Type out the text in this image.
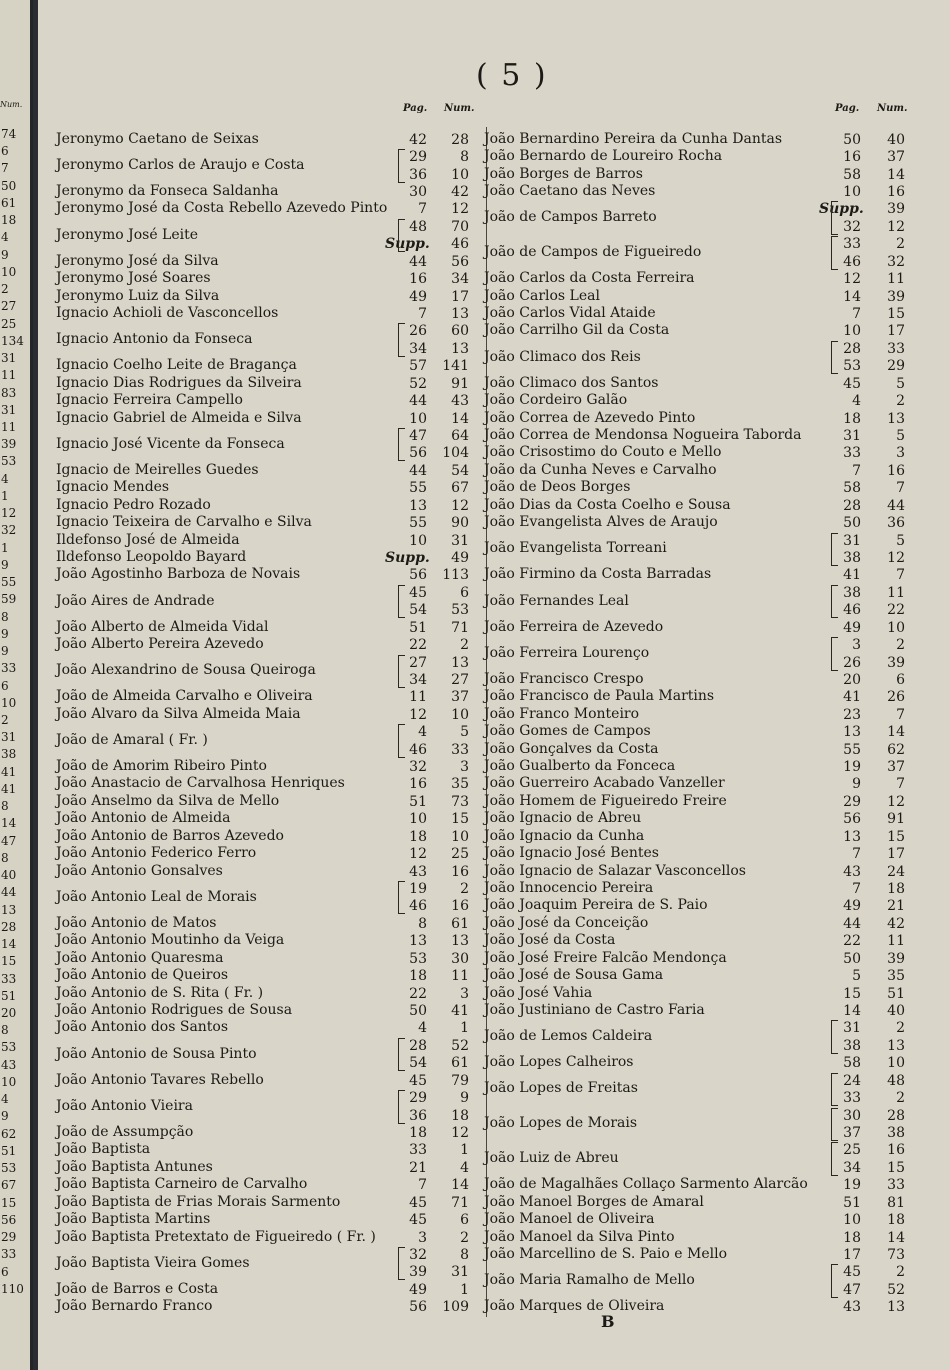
Num.
74
6
7
50
61
18
4
9
10
2
27
25
134
31
11
83
31
11
39
53
4
1
12
32
1
9
55
59
8
9
9
33
6
10
2
31
38
41
41
8
14
47
8
40
44
13
28
14
15
33
51
20
8
53
43
10
4
9
62
51
53
67
15
56
29
33
6
110
( 5 )
Pag. Num.	Pag. Num.
Jeronymo Caetano de Seixas	42	28
Jeronymo Carlos de Araujo e Costa	29	8
36	10
Jeronymo da Fonseca Saldanha	30	42
Jeronymo José da Costa Rebello Azevedo Pinto	7	12
Jeronymo José Leite	48	70
Supp.	46
Jeronymo José da Silva	44	56
Jeronymo José Soares	16	34
Jeronymo Luiz da Silva	49	17
Ignacio Achioli de Vasconcellos	7	13
Ignacio Antonio da Fonseca	26	60
34	13
Ignacio Coelho Leite de Bragança	57	141
Ignacio Dias Rodrigues da Silveira	52	91
Ignacio Ferreira Campello	44	43
Ignacio Gabriel de Almeida e Silva	10	14
Ignacio José Vicente da Fonseca	47	64
56	104
Ignacio de Meirelles Guedes	44	54
Ignacio Mendes	55	67
Ignacio Pedro Rozado	13	12
Ignacio Teixeira de Carvalho e Silva	55	90
Ildefonso José de Almeida	10	31
Ildefonso Leopoldo Bayard	Supp.	49
João Agostinho Barboza de Novais	56	113
João Aires de Andrade	45	6
54	53
João Alberto de Almeida Vidal	51	71
João Alberto Pereira Azevedo	22	2
João Alexandrino de Sousa Queiroga	27	13
34	27
João de Almeida Carvalho e Oliveira	11	37
João Alvaro da Silva Almeida Maia	12	10
João de Amaral ( Fr. )	4	5
46	33
João de Amorim Ribeiro Pinto	32	3
João Anastacio de Carvalhosa Henriques	16	35
João Anselmo da Silva de Mello	51	73
João Antonio de Almeida	10	15
João Antonio de Barros Azevedo	18	10
João Antonio Federico Ferro	12	25
João Antonio Gonsalves	43	16
João Antonio Leal de Morais	19	2
46	16
João Antonio de Matos	8	61
João Antonio Moutinho da Veiga	13	13
João Antonio Quaresma	53	30
João Antonio de Queiros	18	11
João Antonio de S. Rita ( Fr. )	22	3
João Antonio Rodrigues de Sousa	50	41
João Antonio dos Santos	4	1
João Antonio de Sousa Pinto	28	52
54	61
João Antonio Tavares Rebello	45	79
João Antonio Vieira	29	9
36	18
João de Assumpção	18	12
João Baptista	33	1
João Baptista Antunes	21	4
João Baptista Carneiro de Carvalho	7	14
João Baptista de Frias Morais Sarmento	45	71
João Baptista Martins	45	6
João Baptista Pretextato de Figueiredo ( Fr. )	3	2
João Baptista Vieira Gomes	32	8
39	31
João de Barros e Costa	49	1
João Bernardo Franco	56	109
João Bernardino Pereira da Cunha Dantas	50	40
João Bernardo de Loureiro Rocha	16	37
João Borges de Barros	58	14
João Caetano das Neves	10	16
João de Campos Barreto	Supp.	39
32	12
João de Campos de Figueiredo	33	2
46	32
João Carlos da Costa Ferreira	12	11
João Carlos Leal	14	39
João Carlos Vidal Ataide	7	15
João Carrilho Gil da Costa	10	17
João Climaco dos Reis	28	33
53	29
João Climaco dos Santos	45	5
João Cordeiro Galão	4	2
João Correa de Azevedo Pinto	18	13
João Correa de Mendonsa Nogueira Taborda	31	5
João Crisostimo do Couto e Mello	33	3
João da Cunha Neves e Carvalho	7	16
João de Deos Borges	58	7
João Dias da Costa Coelho e Sousa	28	44
João Evangelista Alves de Araujo	50	36
João Evangelista Torreani	31	5
38	12
João Firmino da Costa Barradas	41	7
João Fernandes Leal	38	11
46	22
João Ferreira de Azevedo	49	10
João Ferreira Lourenço	3	2
26	39
João Francisco Crespo	20	6
João Francisco de Paula Martins	41	26
João Franco Monteiro	23	7
João Gomes de Campos	13	14
João Gonçalves da Costa	55	62
João Gualberto da Fonceca	19	37
João Guerreiro Acabado Vanzeller	9	7
João Homem de Figueiredo Freire	29	12
João Ignacio de Abreu	56	91
João Ignacio da Cunha	13	15
João Ignacio José Bentes	7	17
João Ignacio de Salazar Vasconcellos	43	24
João Innocencio Pereira	7	18
João Joaquim Pereira de S. Paio	49	21
João José da Conceição	44	42
João José da Costa	22	11
João José Freire Falcão Mendonça	50	39
João José de Sousa Gama	5	35
João José Vahia	15	51
João Justiniano de Castro Faria	14	40
João de Lemos Caldeira	31	2
38	13
João Lopes Calheiros	58	10
João Lopes de Freitas	24	48
33	2
João Lopes de Morais	30	28
37	38
João Luiz de Abreu	25	16
34	15
João de Magalhães Collaço Sarmento Alarcão	19	33
João Manoel Borges de Amaral	51	81
João Manoel de Oliveira	10	18
João Manoel da Silva Pinto	18	14
João Marcellino de S. Paio e Mello	17	73
João Maria Ramalho de Mello	45	2
47	52
João Marques de Oliveira	43	13
B
